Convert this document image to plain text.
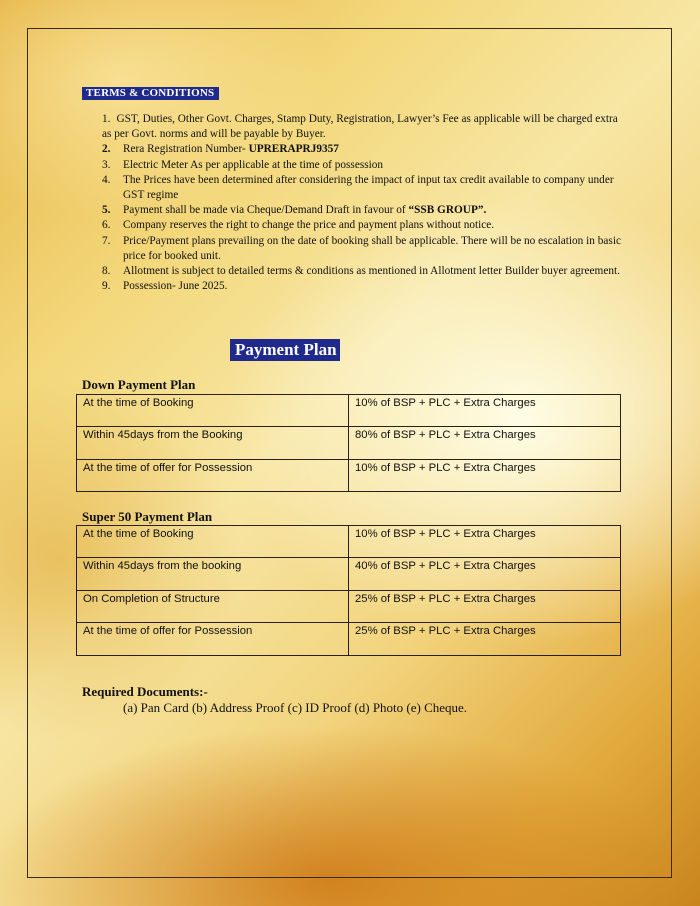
TERMS & CONDITIONS
1. GST, Duties, Other Govt. Charges, Stamp Duty, Registration, Lawyer’s Fee as applicable will be charged extra as per Govt. norms and will be payable by Buyer.
2. Rera Registration Number- UPRERAPRJ9357
3. Electric Meter As per applicable at the time of possession
4. The Prices have been determined after considering the impact of input tax credit available to company under GST regime
5. Payment shall be made via Cheque/Demand Draft in favour of “SSB GROUP”.
6. Company reserves the right to change the price and payment plans without notice.
7. Price/Payment plans prevailing on the date of booking shall be applicable. There will be no escalation in basic price for booked unit.
8. Allotment is subject to detailed terms & conditions as mentioned in Allotment letter Builder buyer agreement.
9. Possession- June 2025.
Payment Plan
Down Payment Plan
At the time of Booking	10% of BSP + PLC + Extra Charges
Within 45days from the Booking	80% of BSP + PLC + Extra Charges
At the time of offer for Possession	10% of BSP + PLC + Extra Charges
Super 50 Payment Plan
At the time of Booking	10% of BSP + PLC + Extra Charges
Within 45days from the booking	40% of BSP + PLC + Extra Charges
On Completion of Structure	25% of BSP + PLC + Extra Charges
At the time of offer for Possession	25% of BSP + PLC + Extra Charges
Required Documents:-
(a) Pan Card (b) Address Proof (c) ID Proof (d) Photo (e) Cheque.
